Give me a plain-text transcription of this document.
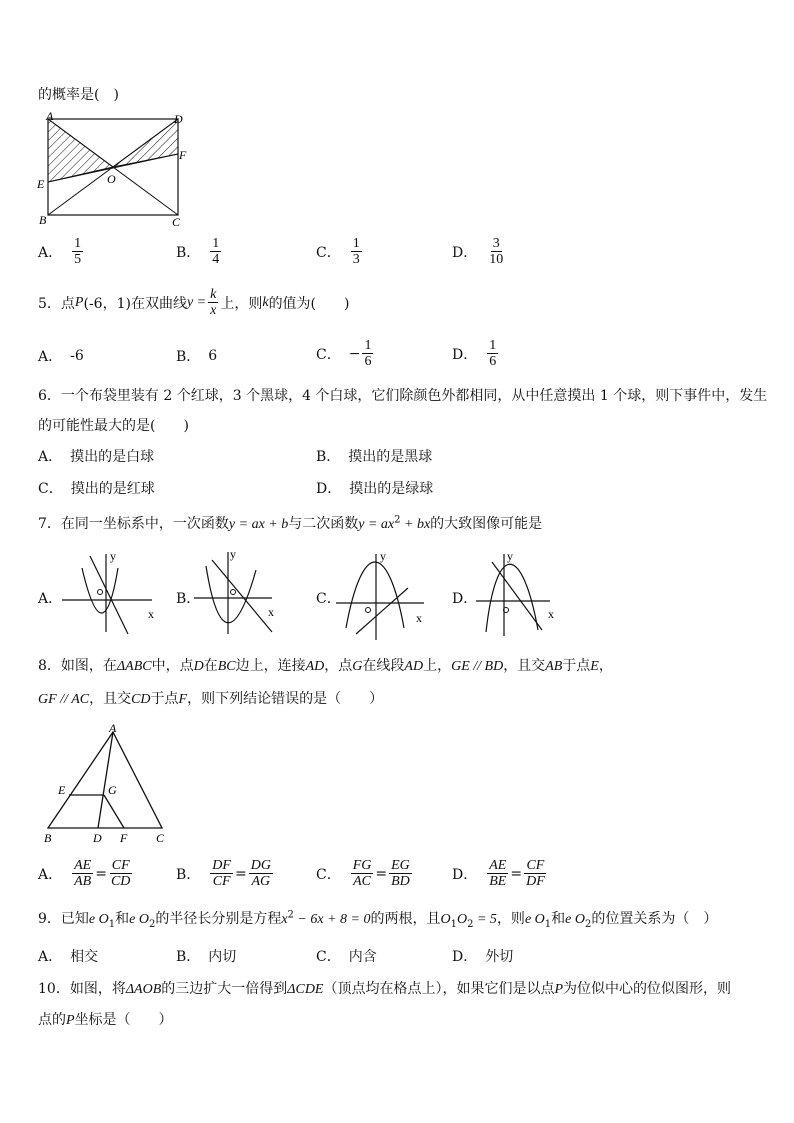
的概率是(　)
A	D
F
E	O
B	C
A． $\frac{1}{5}$	B． $\frac{1}{4}$	C． $\frac{1}{3}$	D． $\frac{3}{10}$
5．点 P (-6，1) 在双曲线 $y = \frac{k}{x}$ 上，则 k 的值为(　　)
A． -6	B． 6	C． − $\frac{1}{6}$	D． $\frac{1}{6}$
6．一个布袋里装有 2 个红球，3 个黑球，4 个白球，它们除颜色外都相同，从中任意摸出 1 个球，则下事件中，发生
的可能性最大的是(　　)
A． 摸出的是白球	B． 摸出的是黑球
C． 摸出的是红球	D． 摸出的是绿球
7．在同一坐标系中，一次函数y = ax + b与二次函数$y = ax^2$ + bx的大致图像可能是
A．
x
y
B．
x
y
C．
x
y
D．
x
y
8．如图，在ΔABC中，点D在BC边上，连接AD，点G在线段AD上，GE // BD，且交AB于点E，
GF // AC，且交CD于点F，则下列结论错误的是（　　）
A
E	G
B	D F C
A． $\frac{AE}{AB} = \frac{CF}{CD}$	B． $\frac{DF}{CF} = \frac{DG}{AG}$	C． $\frac{FG}{AC} = \frac{EG}{BD}$	D． $\frac{AE}{BE} = \frac{CF}{DF}$
9．已知e $O_1$和e $O_2$的半径长分别是方程$x^2 - 6x + 8 = 0$的两根，且$O_1O_2 = 5$，则e $O_1$和e $O_2$的位置关系为（　）
A． 相交	B． 内切	C． 内含	D． 外切
10．如图，将ΔAOB的三边扩大一倍得到ΔCDE（顶点均在格点上），如果它们是以点P为位似中心的位似图形，则
点的P坐标是（　　）
